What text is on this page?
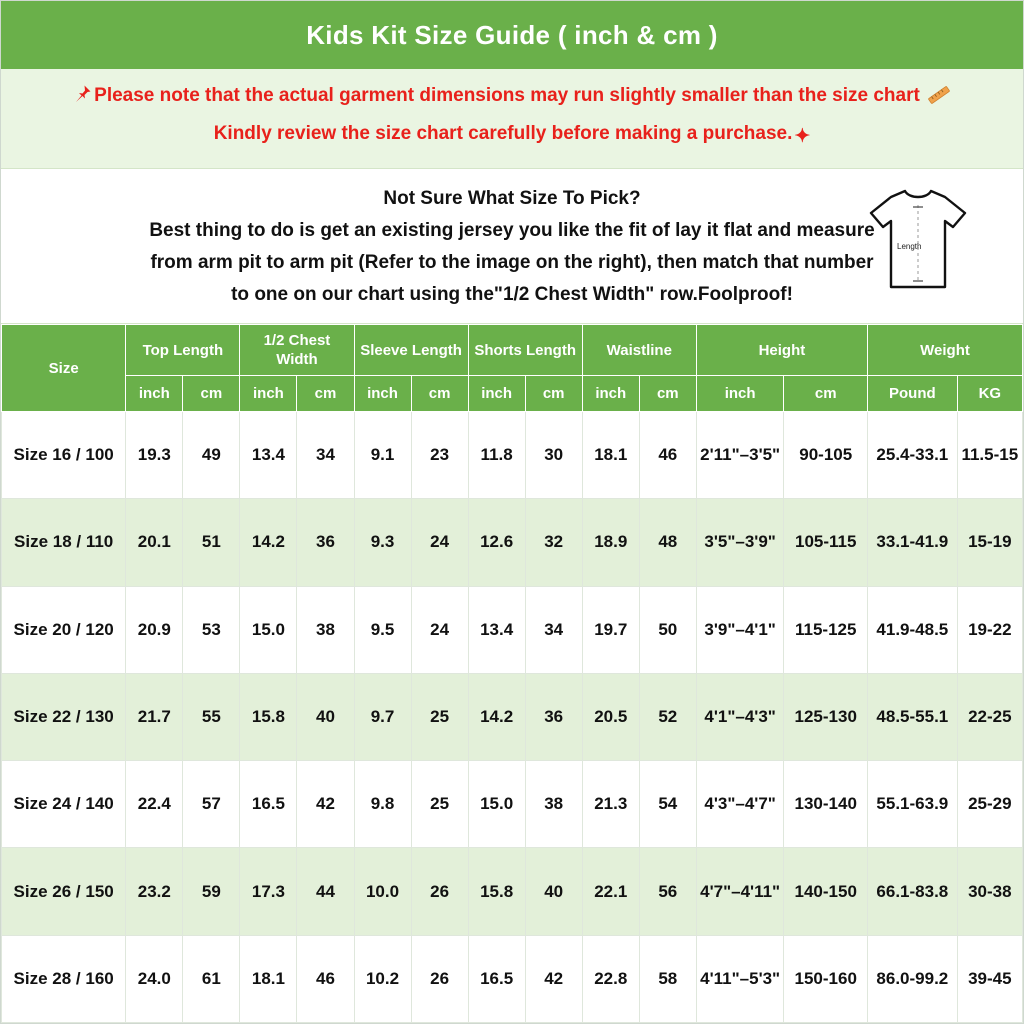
Kids Kit Size Guide ( inch & cm )
Please note that the actual garment dimensions may run slightly smaller than the size chart
Kindly review the size chart carefully before making a purchase. ✦
Not Sure What Size To Pick?
Best thing to do is get an existing jersey you like the fit of lay it flat and measure
from arm pit to arm pit (Refer to the image on the right), then match that number
to one on our chart using the"1/2 Chest Width" row.Foolproof!
Length
Size	Top Length		1/2 Chest Width		Sleeve Length		Shorts Length		Waistline		Height		Weight	
	inch	cm	inch	cm	inch	cm	inch	cm	inch	cm	inch	cm	Pound	KG
Size 16 / 100	19.3	49	13.4	34	9.1	23	11.8	30	18.1	46	2'11"–3'5"	90-105	25.4-33.1	11.5-15
Size 18 / 110	20.1	51	14.2	36	9.3	24	12.6	32	18.9	48	3'5"–3'9"	105-115	33.1-41.9	15-19
Size 20 / 120	20.9	53	15.0	38	9.5	24	13.4	34	19.7	50	3'9"–4'1"	115-125	41.9-48.5	19-22
Size 22 / 130	21.7	55	15.8	40	9.7	25	14.2	36	20.5	52	4'1"–4'3"	125-130	48.5-55.1	22-25
Size 24 / 140	22.4	57	16.5	42	9.8	25	15.0	38	21.3	54	4'3"–4'7"	130-140	55.1-63.9	25-29
Size 26 / 150	23.2	59	17.3	44	10.0	26	15.8	40	22.1	56	4'7"–4'11"	140-150	66.1-83.8	30-38
Size 28 / 160	24.0	61	18.1	46	10.2	26	16.5	42	22.8	58	4'11"–5'3"	150-160	86.0-99.2	39-45
